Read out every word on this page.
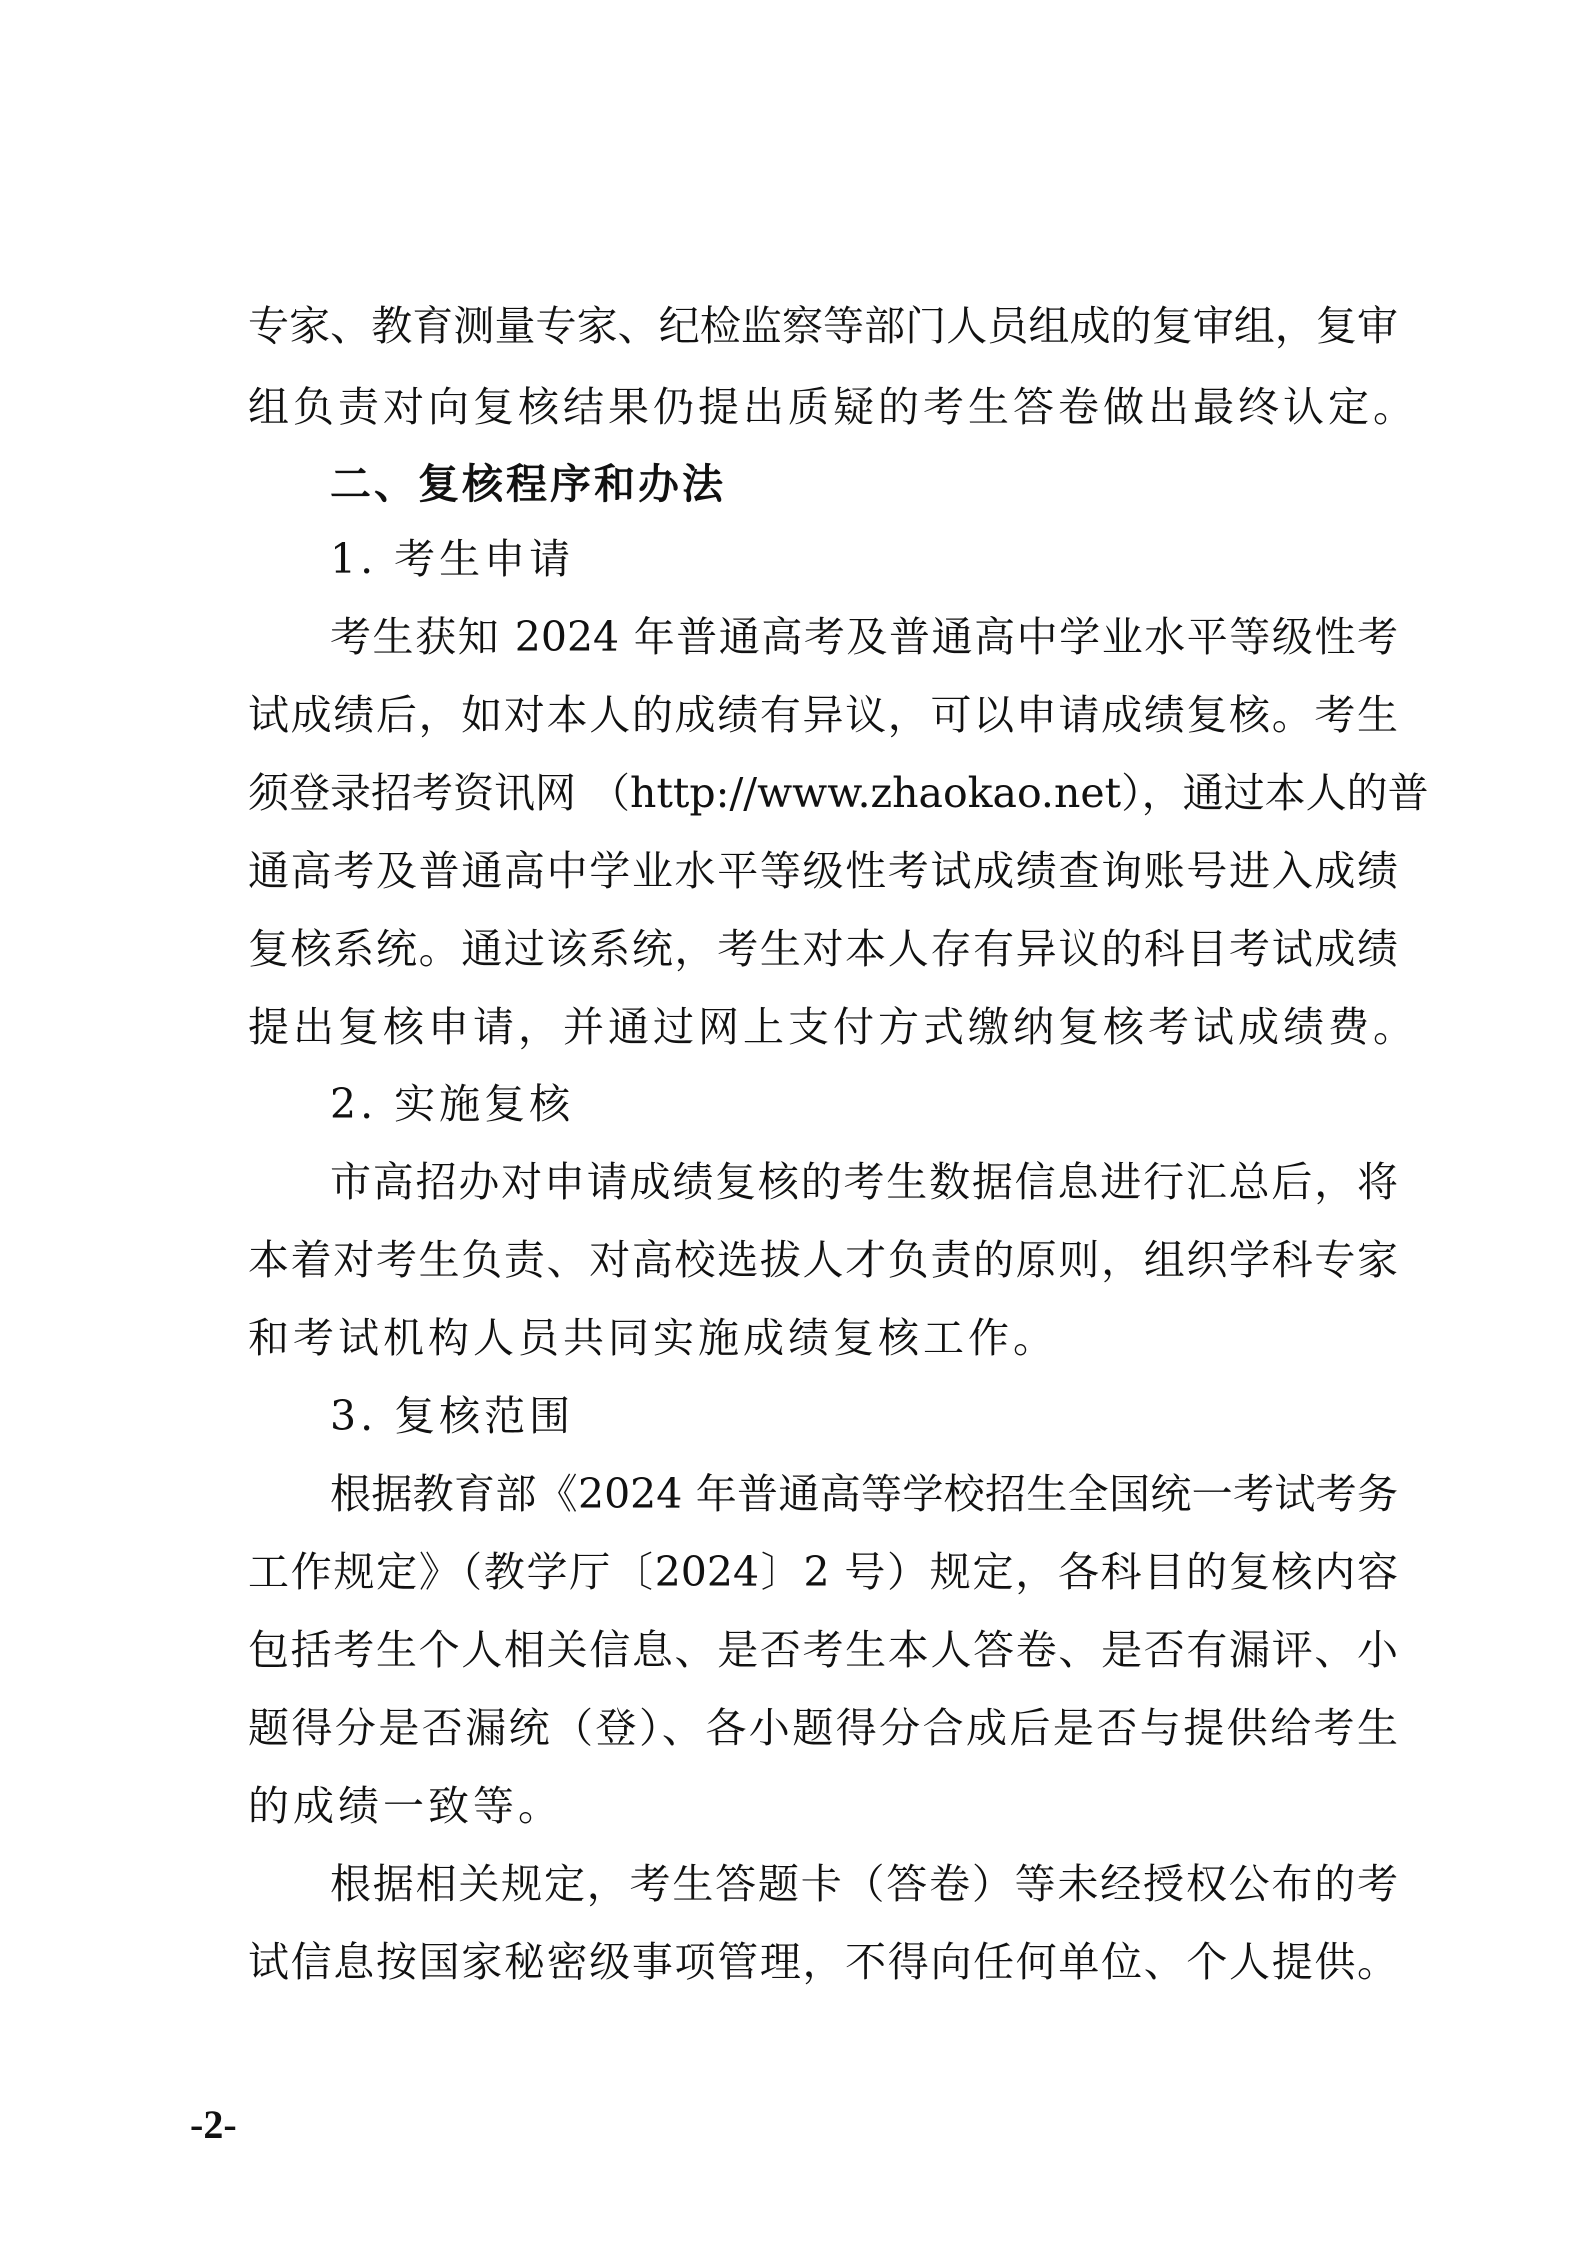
专家、教育测量专家、纪检监察等部门人员组成的复审组，复审
组负责对向复核结果仍提出质疑的考生答卷做出最终认定。
二、复核程序和办法
1. 考生申请
考生获知 2024 年普通高考及普通高中学业水平等级性考
试成绩后，如对本人的成绩有异议，可以申请成绩复核。考生
须登录招考资讯网 （http://www.zhaokao.net），通过本人的普
通高考及普通高中学业水平等级性考试成绩查询账号进入成绩
复核系统。通过该系统，考生对本人存有异议的科目考试成绩
提出复核申请，并通过网上支付方式缴纳复核考试成绩费。
2. 实施复核
市高招办对申请成绩复核的考生数据信息进行汇总后，将
本着对考生负责、对高校选拔人才负责的原则，组织学科专家
和考试机构人员共同实施成绩复核工作。
3. 复核范围
根据教育部《2024 年普通高等学校招生全国统一考试考务
工作规定》（教学厅〔2024〕2 号）规定，各科目的复核内容
包括考生个人相关信息、是否考生本人答卷、是否有漏评、小
题得分是否漏统（登）、各小题得分合成后是否与提供给考生
的成绩一致等。
根据相关规定，考生答题卡（答卷）等未经授权公布的考
试信息按国家秘密级事项管理，不得向任何单位、个人提供。
-2-
